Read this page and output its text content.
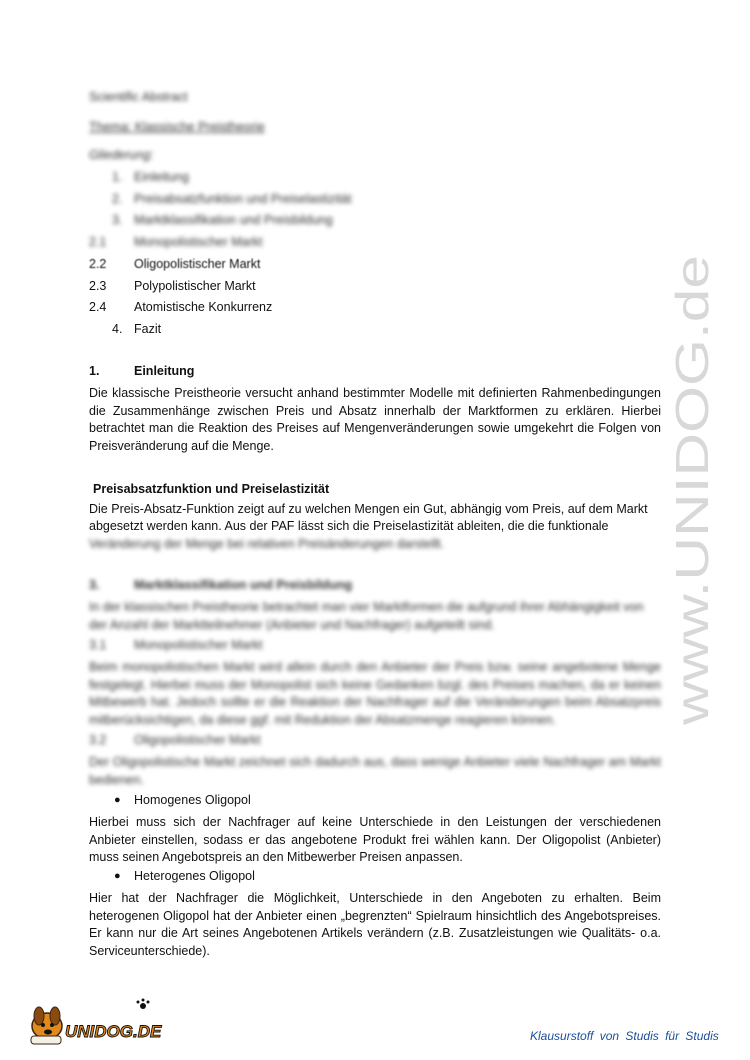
Scientific Abstract
Thema: Klassische Preistheorie
Gliederung:
1. Einleitung
2. Preisabsatzfunktion und Preiselastizität
3. Marktklassifikation und Preisbildung
2.1 Monopolistischer Markt
2.2 Oligopolistischer Markt
2.3 Polypolistischer Markt
2.4 Atomistische Konkurrenz
4. Fazit
1.	Einleitung
Die klassische Preistheorie versucht anhand bestimmter Modelle mit definierten Rahmenbedingungen die Zusammenhänge zwischen Preis und Absatz innerhalb der Marktformen zu erklären. Hierbei betrachtet man die Reaktion des Preises auf Mengenveränderungen sowie umgekehrt die Folgen von Preisveränderung auf die Menge.
Preisabsatzfunktion und Preiselastizität
Die Preis-Absatz-Funktion zeigt auf zu welchen Mengen ein Gut, abhängig vom Preis, auf dem Markt
abgesetzt werden kann. Aus der PAF lässt sich die Preiselastizität ableiten, die die funktionale
Veränderung der Menge bei relativen Preisänderungen darstellt.
3.	Marktklassifikation und Preisbildung
In der klassischen Preistheorie betrachtet man vier Marktformen die aufgrund ihrer Abhängigkeit von der Anzahl der Marktteilnehmer (Anbieter und Nachfrager) aufgeteilt sind.
3.1 Monopolistischer Markt
Beim monopolistischen Markt wird allein durch den Anbieter der Preis bzw. seine angebotene Menge festgelegt. Hierbei muss der Monopolist sich keine Gedanken bzgl. des Preises machen, da er keinen Mitbewerb hat. Jedoch sollte er die Reaktion der Nachfrager auf die Veränderungen beim Absatzpreis mitberücksichtigen, da diese ggf. mit Reduktion der Absatzmenge reagieren können.
3.2 Oligopolistischer Markt
Der Oligopolistische Markt zeichnet sich dadurch aus, dass wenige Anbieter viele Nachfrager am Markt bedienen.
● Homogenes Oligopol
Hierbei muss sich der Nachfrager auf keine Unterschiede in den Leistungen der verschiedenen Anbieter einstellen, sodass er das angebotene Produkt frei wählen kann. Der Oligopolist (Anbieter) muss seinen Angebotspreis an den Mitbewerber Preisen anpassen.
● Heterogenes Oligopol
Hier hat der Nachfrager die Möglichkeit, Unterschiede in den Angeboten zu erhalten. Beim heterogenen Oligopol hat der Anbieter einen „begrenzten“ Spielraum hinsichtlich des Angebotspreises. Er kann nur die Art seines Angebotenen Artikels verändern (z.B. Zusatzleistungen wie Qualitäts- o.a. Serviceunterschiede).
www.UNIDOG.de
UNIDOG.DE	Klausurstoff von Studis für Studis
